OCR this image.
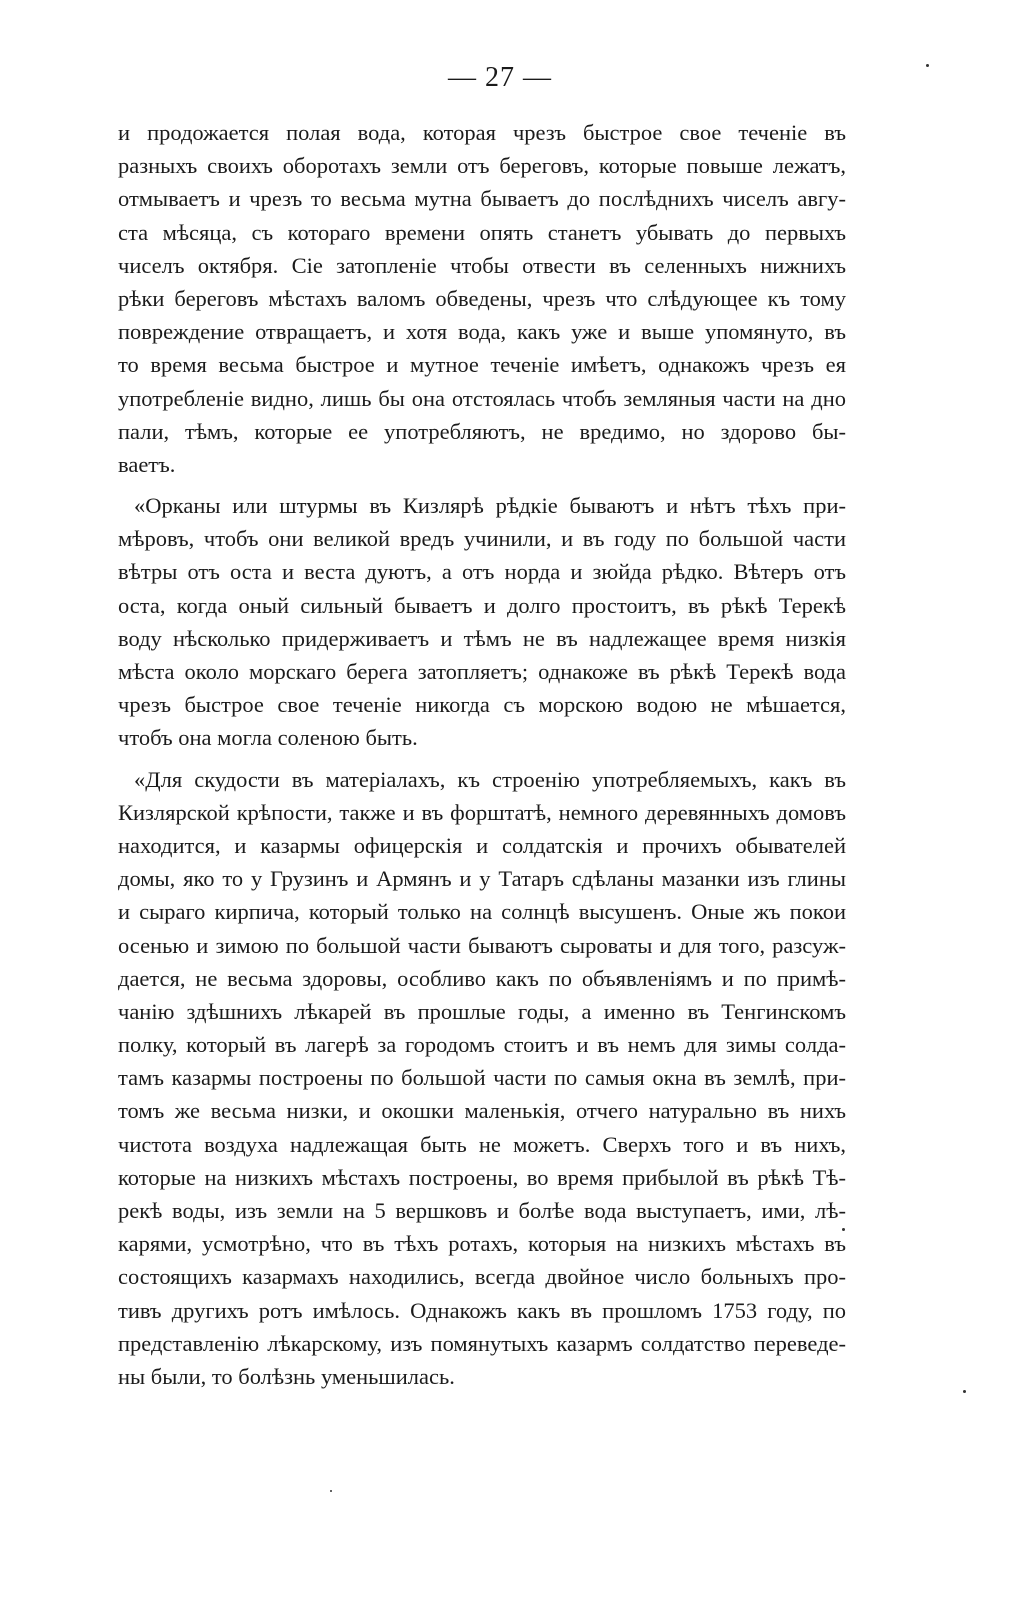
— 27 —
и продожается полая вода, которая чрезъ быстрое свое теченіе въ
разныхъ своихъ оборотахъ земли отъ береговъ, которые повыше лежатъ,
отмываетъ и чрезъ то весьма мутна бываетъ до послѣднихъ чиселъ авгу-
ста мѣсяца, съ котораго времени опять станетъ убывать до первыхъ
чиселъ октября. Сіе затопленіе чтобы отвести въ селенныхъ нижнихъ
рѣки береговъ мѣстахъ валомъ обведены, чрезъ что слѣдующее къ тому
повреждение отвращаетъ, и хотя вода, какъ уже и выше упомянуто, въ
то время весьма быстрое и мутное теченіе имѣетъ, однакожъ чрезъ ея
употребленіе видно, лишь бы она отстоялась чтобъ земляныя части на дно
пали, тѣмъ, которые ее употребляютъ, не вредимо, но здорово бы-
ваетъ.
«Орканы или штурмы въ Кизлярѣ рѣдкіе бываютъ и нѣтъ тѣхъ при-
мѣровъ, чтобъ они великой вредъ учинили, и въ году по большой части
вѣтры отъ оста и веста дуютъ, а отъ норда и зюйда рѣдко. Вѣтеръ отъ
оста, когда оный сильный бываетъ и долго простоитъ, въ рѣкѣ Терекѣ
воду нѣсколько придерживаетъ и тѣмъ не въ надлежащее время низкія
мѣста около морскаго берега затопляетъ; однакоже въ рѣкѣ Терекѣ вода
чрезъ быстрое свое теченіе никогда съ морскою водою не мѣшается,
чтобъ она могла соленою быть.
«Для скудости въ матеріалахъ, къ строенію употребляемыхъ, какъ въ
Кизлярской крѣпости, также и въ форштатѣ, немного деревянныхъ домовъ
находится, и казармы офицерскія и солдатскія и прочихъ обывателей
домы, яко то у Грузинъ и Армянъ и у Татаръ сдѣланы мазанки изъ глины
и сыраго кирпича, который только на солнцѣ высушенъ. Оные жъ покои
осенью и зимою по большой части бываютъ сыроваты и для того, разсуж-
дается, не весьма здоровы, особливо какъ по объявленіямъ и по примѣ-
чанію здѣшнихъ лѣкарей въ прошлые годы, а именно въ Тенгинскомъ
полку, который въ лагерѣ за городомъ стоитъ и въ немъ для зимы солда-
тамъ казармы построены по большой части по самыя окна въ землѣ, при-
томъ же весьма низки, и окошки маленькія, отчего натурально въ нихъ
чистота воздуха надлежащая быть не можетъ. Сверхъ того и въ нихъ,
которые на низкихъ мѣстахъ построены, во время прибылой въ рѣкѣ Тѣ-
рекѣ воды, изъ земли на 5 вершковъ и болѣе вода выступаетъ, ими, лѣ-
карями, усмотрѣно, что въ тѣхъ ротахъ, которыя на низкихъ мѣстахъ въ
состоящихъ казармахъ находились, всегда двойное число больныхъ про-
тивъ другихъ ротъ имѣлось. Однакожъ какъ въ прошломъ 1753 году, по
представленію лѣкарскому, изъ помянутыхъ казармъ солдатство переведе-
ны были, то болѣзнь уменьшилась.
